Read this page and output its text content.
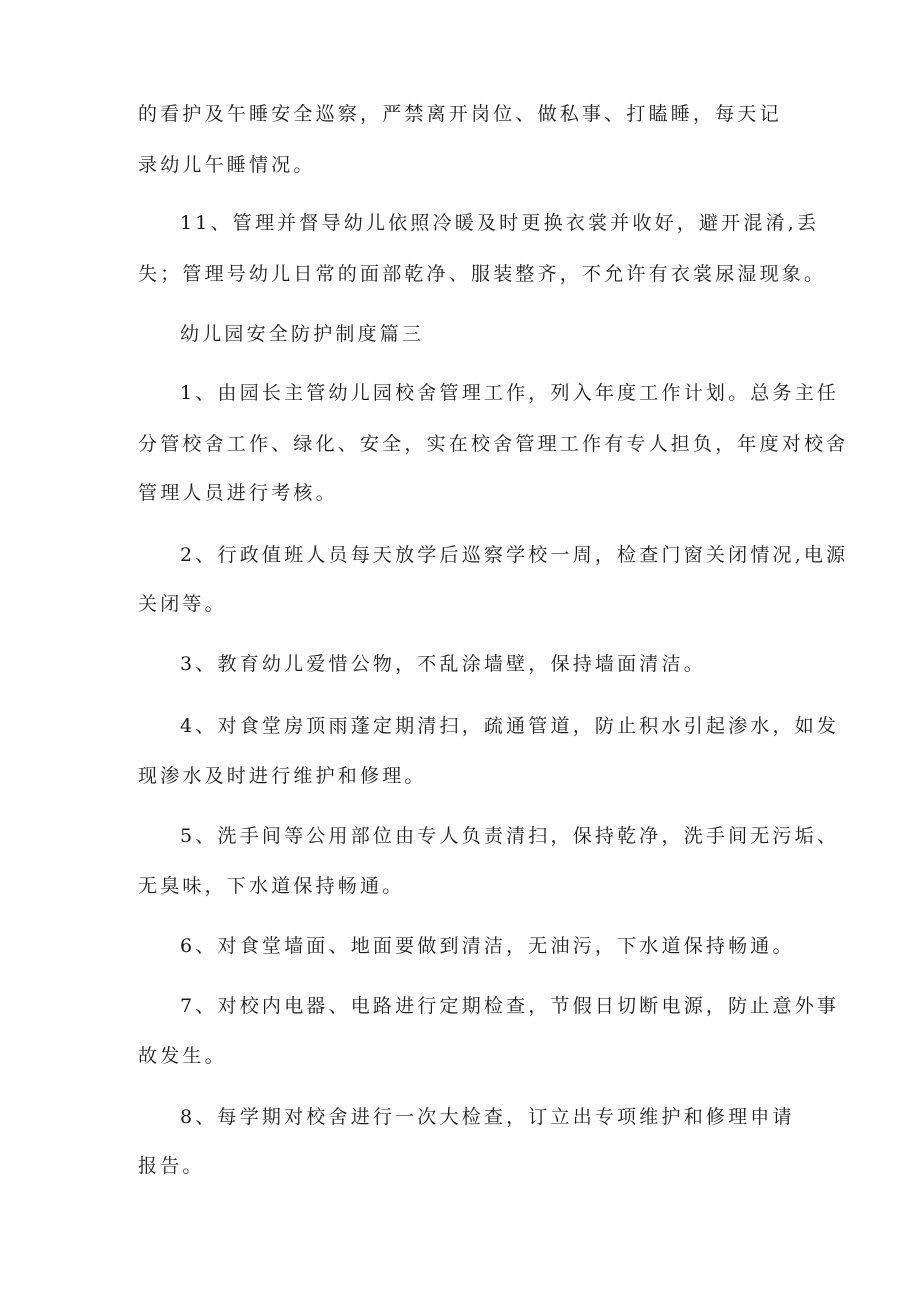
的看护及午睡安全巡察，严禁离开岗位、做私事、打瞌睡，每天记
录幼儿午睡情况。
11、管理并督导幼儿依照冷暖及时更换衣裳并收好，避开混淆,丢
失；管理号幼儿日常的面部乾净、服装整齐，不允许有衣裳尿湿现象。
幼儿园安全防护制度篇三
1、由园长主管幼儿园校舍管理工作，列入年度工作计划。总务主任
分管校舍工作、绿化、安全，实在校舍管理工作有专人担负，年度对校舍
管理人员进行考核。
2、行政值班人员每天放学后巡察学校一周，检查门窗关闭情况,电源
关闭等。
3、教育幼儿爱惜公物，不乱涂墙壁，保持墙面清洁。
4、对食堂房顶雨蓬定期清扫，疏通管道，防止积水引起渗水，如发
现渗水及时进行维护和修理。
5、洗手间等公用部位由专人负责清扫，保持乾净，洗手间无污垢、
无臭味，下水道保持畅通。
6、对食堂墙面、地面要做到清洁，无油污，下水道保持畅通。
7、对校内电器、电路进行定期检查，节假日切断电源，防止意外事
故发生。
8、每学期对校舍进行一次大检查，订立出专项维护和修理申请
报告。
